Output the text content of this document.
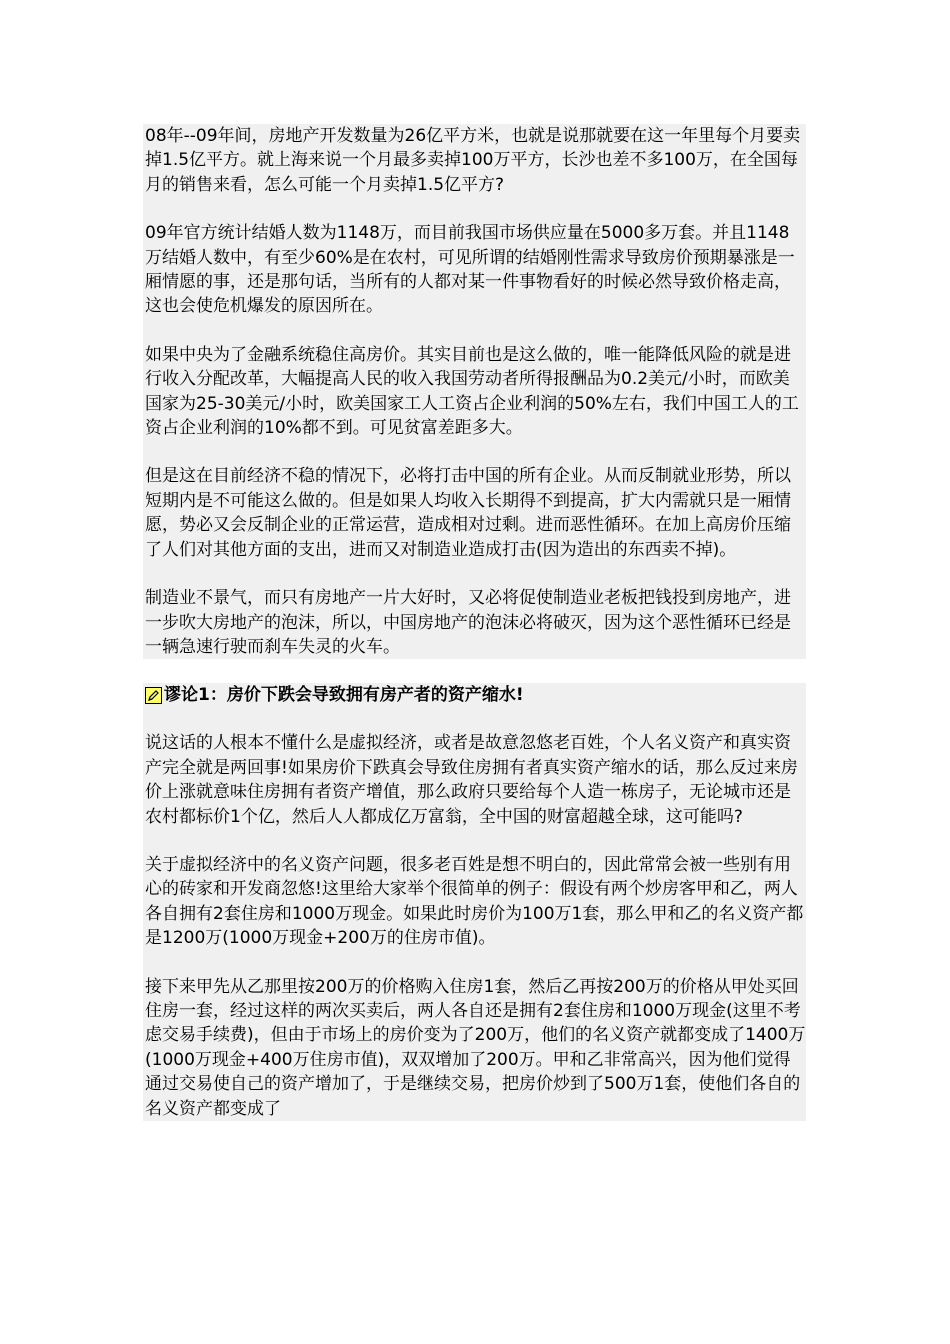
08年--09年间，房地产开发数量为26亿平方米，也就是说那就要在这一年里每个月要卖掉1.5亿平方。就上海来说一个月最多卖掉100万平方，长沙也差不多100万，在全国每月的销售来看，怎么可能一个月卖掉1.5亿平方?

09年官方统计结婚人数为1148万，而目前我国市场供应量在5000多万套。并且1148万结婚人数中，有至少60%是在农村，可见所谓的结婚刚性需求导致房价预期暴涨是一厢情愿的事，还是那句话，当所有的人都对某一件事物看好的时候必然导致价格走高，这也会使危机爆发的原因所在。

如果中央为了金融系统稳住高房价。其实目前也是这么做的，唯一能降低风险的就是进行收入分配改革，大幅提高人民的收入我国劳动者所得报酬品为0.2美元/小时，而欧美国家为25-30美元/小时，欧美国家工人工资占企业利润的50%左右，我们中国工人的工资占企业利润的10%都不到。可见贫富差距多大。

但是这在目前经济不稳的情况下，必将打击中国的所有企业。从而反制就业形势，所以短期内是不可能这么做的。但是如果人均收入长期得不到提高，扩大内需就只是一厢情愿，势必又会反制企业的正常运营，造成相对过剩。进而恶性循环。在加上高房价压缩了人们对其他方面的支出，进而又对制造业造成打击(因为造出的东西卖不掉)。

制造业不景气，而只有房地产一片大好时，又必将促使制造业老板把钱投到房地产，进一步吹大房地产的泡沫，所以，中国房地产的泡沫必将破灭，因为这个恶性循环已经是一辆急速行驶而刹车失灵的火车。

谬论1：房价下跌会导致拥有房产者的资产缩水!

说这话的人根本不懂什么是虚拟经济，或者是故意忽悠老百姓，个人名义资产和真实资产完全就是两回事!如果房价下跌真会导致住房拥有者真实资产缩水的话，那么反过来房价上涨就意味住房拥有者资产增值，那么政府只要给每个人造一栋房子，无论城市还是农村都标价1个亿，然后人人都成亿万富翁，全中国的财富超越全球，这可能吗?

关于虚拟经济中的名义资产问题，很多老百姓是想不明白的，因此常常会被一些别有用心的砖家和开发商忽悠!这里给大家举个很简单的例子：假设有两个炒房客甲和乙，两人各自拥有2套住房和1000万现金。如果此时房价为100万1套，那么甲和乙的名义资产都是1200万(1000万现金+200万的住房市值)。

接下来甲先从乙那里按200万的价格购入住房1套，然后乙再按200万的价格从甲处买回住房一套，经过这样的两次买卖后，两人各自还是拥有2套住房和1000万现金(这里不考虑交易手续费)，但由于市场上的房价变为了200万，他们的名义资产就都变成了1400万(1000万现金+400万住房市值)，双双增加了200万。甲和乙非常高兴，因为他们觉得通过交易使自己的资产增加了，于是继续交易，把房价炒到了500万1套，使他们各自的名义资产都变成了
